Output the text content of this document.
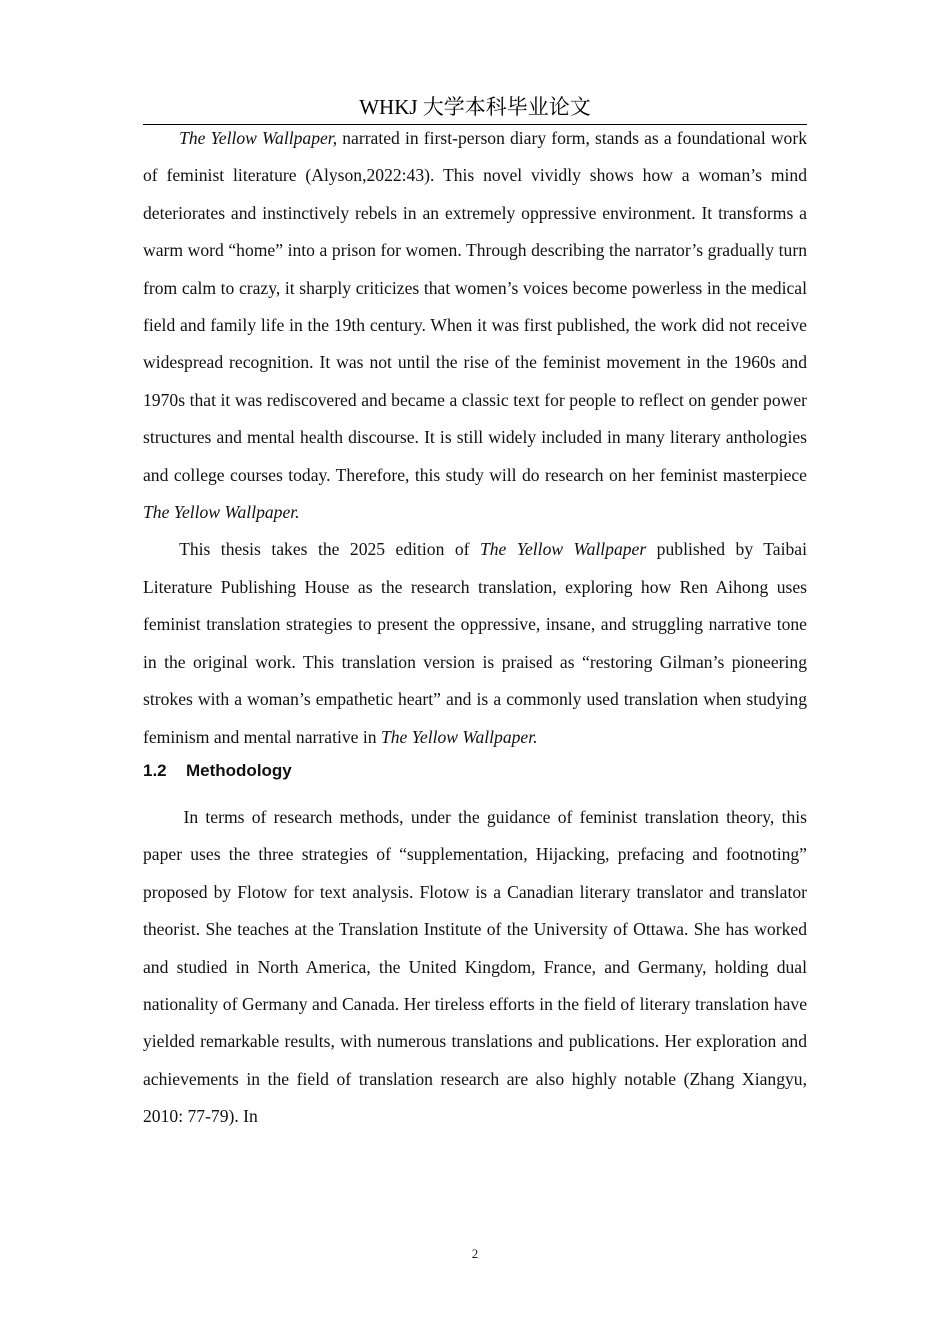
WHKJ 大学本科毕业论文

The Yellow Wallpaper, narrated in first-person diary form, stands as a foundational work of feminist literature (Alyson,2022:43). This novel vividly shows how a woman’s mind deteriorates and instinctively rebels in an extremely oppressive environment. It transforms a warm word “home” into a prison for women. Through describing the narrator’s gradually turn from calm to crazy, it sharply criticizes that women’s voices become powerless in the medical field and family life in the 19th century. When it was first published, the work did not receive widespread recognition. It was not until the rise of the feminist movement in the 1960s and 1970s that it was rediscovered and became a classic text for people to reflect on gender power structures and mental health discourse. It is still widely included in many literary anthologies and college courses today. Therefore, this study will do research on her feminist masterpiece The Yellow Wallpaper.

This thesis takes the 2025 edition of The Yellow Wallpaper published by Taibai Literature Publishing House as the research translation, exploring how Ren Aihong uses feminist translation strategies to present the oppressive, insane, and struggling narrative tone in the original work. This translation version is praised as “restoring Gilman’s pioneering strokes with a woman’s empathetic heart” and is a commonly used translation when studying feminism and mental narrative in The Yellow Wallpaper.

1.2 Methodology

In terms of research methods, under the guidance of feminist translation theory, this paper uses the three strategies of “supplementation, Hijacking, prefacing and footnoting” proposed by Flotow for text analysis. Flotow is a Canadian literary translator and translator theorist. She teaches at the Translation Institute of the University of Ottawa. She has worked and studied in North America, the United Kingdom, France, and Germany, holding dual nationality of Germany and Canada. Her tireless efforts in the field of literary translation have yielded remarkable results, with numerous translations and publications. Her exploration and achievements in the field of translation research are also highly notable (Zhang Xiangyu, 2010: 77-79). In

2
